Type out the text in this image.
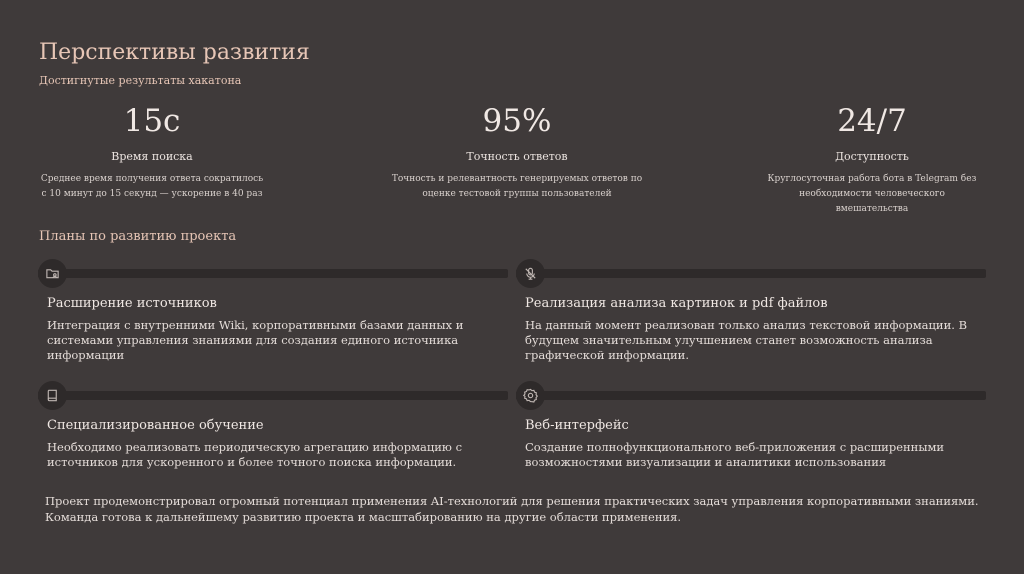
Перспективы развития
Достигнутые результаты хакатона
15с
Время поиска
Среднее время получения ответа сократилось с 10 минут до 15 секунд — ускорение в 40 раз
95%
Точность ответов
Точность и релевантность генерируемых ответов по оценке тестовой группы пользователей
24/7
Доступность
Круглосуточная работа бота в Telegram без необходимости человеческого вмешательства
Планы по развитию проекта
Расширение источников
Интеграция с внутренними Wiki, корпоративными базами данных и системами управления знаниями для создания единого источника информации
Реализация анализа картинок и pdf файлов
На данный момент реализован только анализ текстовой информации. В будущем значительным улучшением станет возможность анализа графической информации.
Специализированное обучение
Необходимо реализовать периодическую агрегацию информацию с источников для ускоренного и более точного поиска информации.
Веб-интерфейс
Создание полнофункционального веб-приложения с расширенными возможностями визуализации и аналитики использования
Проект продемонстрировал огромный потенциал применения AI-технологий для решения практических задач управления корпоративными знаниями. Команда готова к дальнейшему развитию проекта и масштабированию на другие области применения.
